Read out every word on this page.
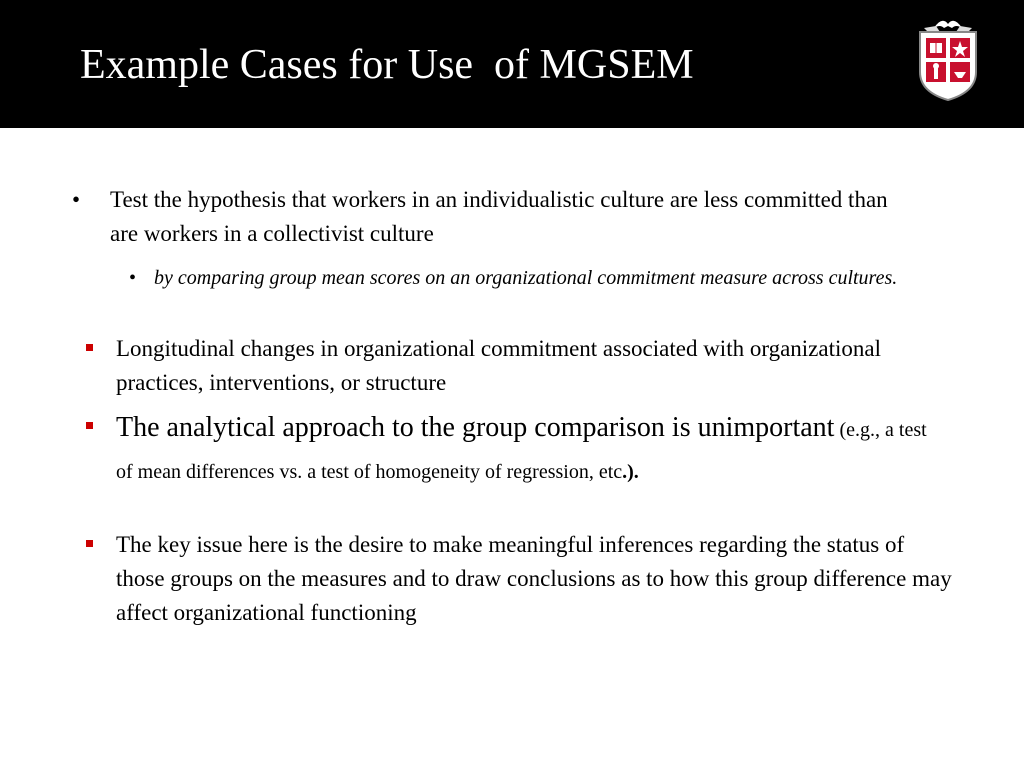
Example Cases for Use  of MGSEM
• Test the hypothesis that workers in an individualistic culture are less committed than are workers in a collectivist culture
• by comparing group mean scores on an organizational commitment measure across cultures.
Longitudinal changes in organizational commitment associated with organizational practices, interventions, or structure
The analytical approach to the group comparison is unimportant (e.g., a test of mean differences vs. a test of homogeneity of regression, etc.).
The key issue here is the desire to make meaningful inferences regarding the status of those groups on the measures and to draw conclusions as to how this group difference may affect organizational functioning
